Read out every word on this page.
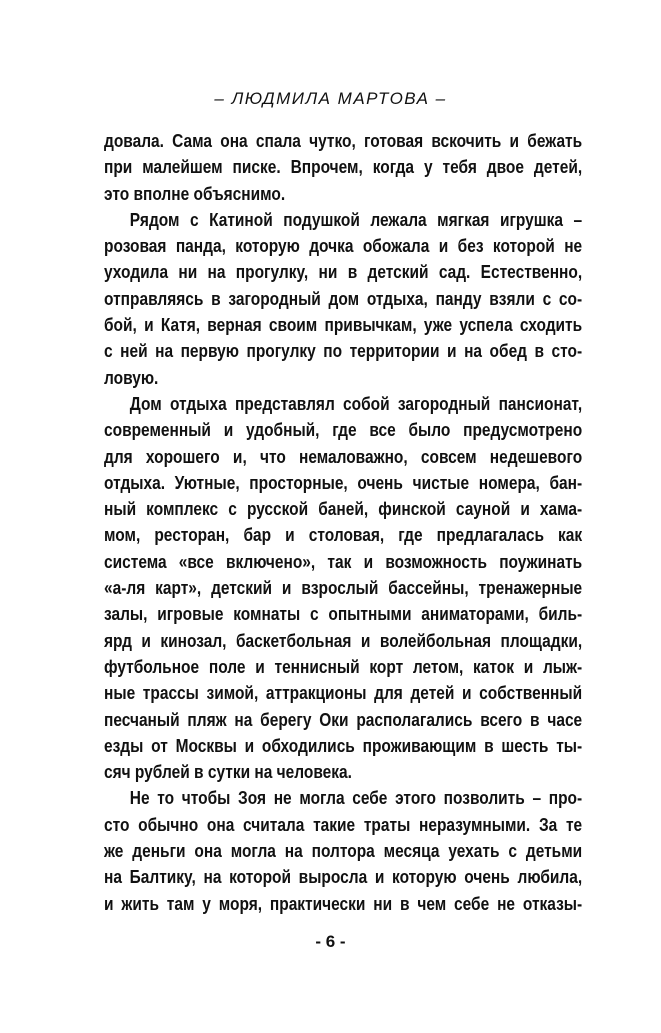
– ЛЮДМИЛА МАРТОВА –
довала. Сама она спала чутко, готовая вскочить и бежать
при малейшем писке. Впрочем, когда у тебя двое детей,
это вполне объяснимо.
Рядом с Катиной подушкой лежала мягкая игрушка –
розовая панда, которую дочка обожала и без которой не
уходила ни на прогулку, ни в детский сад. Естественно,
отправляясь в загородный дом отдыха, панду взяли с со-
бой, и Катя, верная своим привычкам, уже успела сходить
с ней на первую прогулку по территории и на обед в сто-
ловую.
Дом отдыха представлял собой загородный пансионат,
современный и удобный, где все было предусмотрено
для хорошего и, что немаловажно, совсем недешевого
отдыха. Уютные, просторные, очень чистые номера, бан-
ный комплекс с русской баней, финской сауной и хама-
мом, ресторан, бар и столовая, где предлагалась как
система «все включено», так и возможность поужинать
«а-ля карт», детский и взрослый бассейны, тренажерные
залы, игровые комнаты с опытными аниматорами, биль-
ярд и кинозал, баскетбольная и волейбольная площадки,
футбольное поле и теннисный корт летом, каток и лыж-
ные трассы зимой, аттракционы для детей и собственный
песчаный пляж на берегу Оки располагались всего в часе
езды от Москвы и обходились проживающим в шесть ты-
сяч рублей в сутки на человека.
Не то чтобы Зоя не могла себе этого позволить – про-
сто обычно она считала такие траты неразумными. За те
же деньги она могла на полтора месяца уехать с детьми
на Балтику, на которой выросла и которую очень любила,
и жить там у моря, практически ни в чем себе не отказы-
- 6 -
